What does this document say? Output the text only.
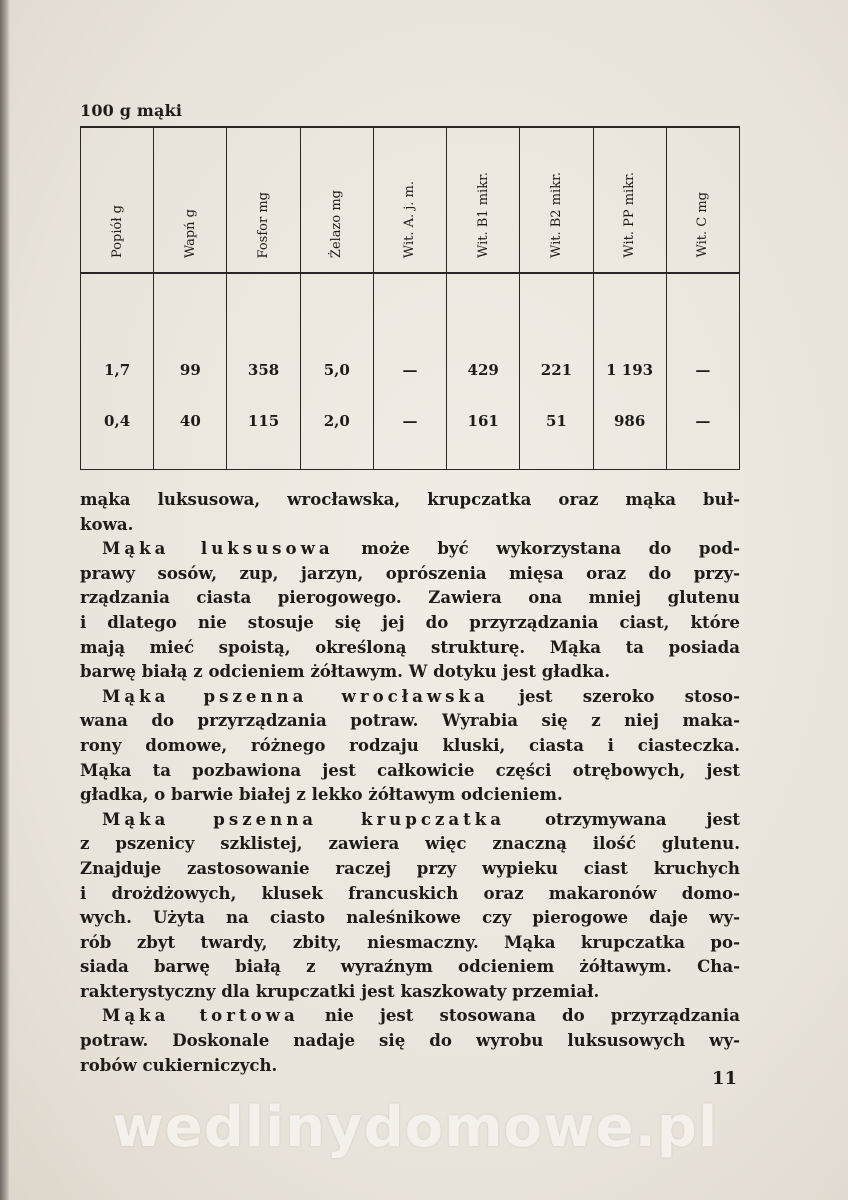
100 g mąki
Popiół g	Wapń g	Fosfor mg	Żelazo mg	Wit. A. j. m.	Wit. B1 mikr.	Wit. B2 mikr.	Wit. PP mikr.	Wit. C mg
1,7	99	358	5,0	—	429	221	1 193	—
0,4	40	115	2,0	—	161	51	986	—
mąka luksusowa, wrocławska, krupczatka oraz mąka buł-
kowa.
Mąka luksusowa może być wykorzystana do pod-
prawy sosów, zup, jarzyn, oprószenia mięsa oraz do przy-
rządzania ciasta pierogowego. Zawiera ona mniej glutenu
i dlatego nie stosuje się jej do przyrządzania ciast, które
mają mieć spoistą, określoną strukturę. Mąka ta posiada
barwę białą z odcieniem żółtawym. W dotyku jest gładka.
Mąka pszenna wrocławska jest szeroko stoso-
wana do przyrządzania potraw. Wyrabia się z niej maka-
rony domowe, różnego rodzaju kluski, ciasta i ciasteczka.
Mąka ta pozbawiona jest całkowicie części otrębowych, jest
gładka, o barwie białej z lekko żółtawym odcieniem.
Mąka pszenna krupczatka otrzymywana jest
z pszenicy szklistej, zawiera więc znaczną ilość glutenu.
Znajduje zastosowanie raczej przy wypieku ciast kruchych
i drożdżowych, klusek francuskich oraz makaronów domo-
wych. Użyta na ciasto naleśnikowe czy pierogowe daje wy-
rób zbyt twardy, zbity, niesmaczny. Mąka krupczatka po-
siada barwę białą z wyraźnym odcieniem żółtawym. Cha-
rakterystyczny dla krupczatki jest kaszkowaty przemiał.
Mąka tortowa nie jest stosowana do przyrządzania
potraw. Doskonale nadaje się do wyrobu luksusowych wy-
robów cukierniczych.
11
wedlinydomowe.pl
